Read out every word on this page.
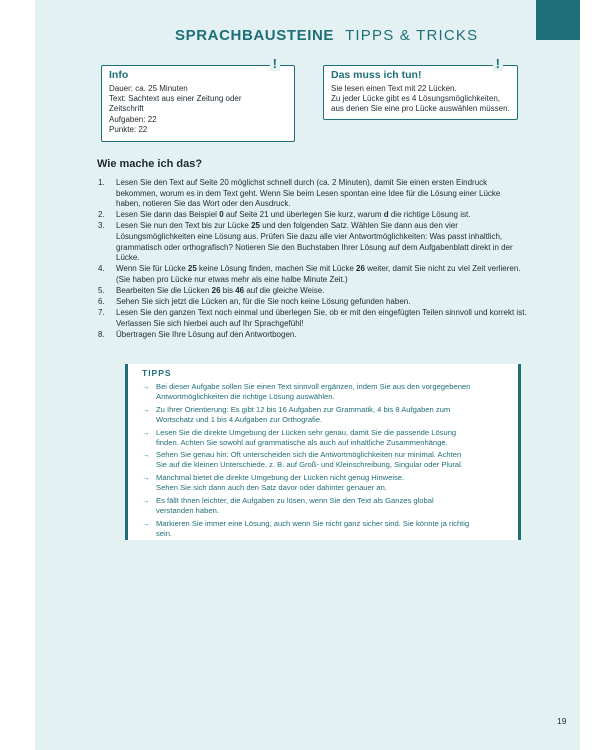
SPRACHBAUSTEINE TIPPS & TRICKS
!
Info
Dauer: ca. 25 Minuten
Text: Sachtext aus einer Zeitung oder
Zeitschrift
Aufgaben: 22
Punkte: 22
!
Das muss ich tun!
Sie lesen einen Text mit 22 Lücken.
Zu jeder Lücke gibt es 4 Lösungsmöglichkeiten,
aus denen Sie eine pro Lücke auswählen müssen.
Wie mache ich das?
1. Lesen Sie den Text auf Seite 20 möglichst schnell durch (ca. 2 Minuten), damit Sie einen ersten Eindruck bekommen, worum es in dem Text geht. Wenn Sie beim Lesen spontan eine Idee für die Lösung einer Lücke haben, notieren Sie das Wort oder den Ausdruck.
2. Lesen Sie dann das Beispiel 0 auf Seite 21 und überlegen Sie kurz, warum d die richtige Lösung ist.
3. Lesen Sie nun den Text bis zur Lücke 25 und den folgenden Satz. Wählen Sie dann aus den vier Lösungsmöglichkeiten eine Lösung aus. Prüfen Sie dazu alle vier Antwortmöglichkeiten: Was passt inhaltlich, grammatisch oder orthografisch? Notieren Sie den Buchstaben Ihrer Lösung auf dem Aufgabenblatt direkt in der Lücke.
4. Wenn Sie für Lücke 25 keine Lösung finden, machen Sie mit Lücke 26 weiter, damit Sie nicht zu viel Zeit verlieren. (Sie haben pro Lücke nur etwas mehr als eine halbe Minute Zeit.)
5. Bearbeiten Sie die Lücken 26 bis 46 auf die gleiche Weise.
6. Sehen Sie sich jetzt die Lücken an, für die Sie noch keine Lösung gefunden haben.
7. Lesen Sie den ganzen Text noch einmal und überlegen Sie, ob er mit den eingefügten Teilen sinnvoll und korrekt ist. Verlassen Sie sich hierbei auch auf Ihr Sprachgefühl!
8. Übertragen Sie Ihre Lösung auf den Antwortbogen.
TIPPS
→ Bei dieser Aufgabe sollen Sie einen Text sinnvoll ergänzen, indem Sie aus den vorgegebenen
Antwortmöglichkeiten die richtige Lösung auswählen.
→ Zu Ihrer Orientierung: Es gibt 12 bis 16 Aufgaben zur Grammatik, 4 bis 8 Aufgaben zum
Wortschatz und 1 bis 4 Aufgaben zur Orthografie.
→ Lesen Sie die direkte Umgebung der Lücken sehr genau, damit Sie die passende Lösung
finden. Achten Sie sowohl auf grammatische als auch auf inhaltliche Zusammenhänge.
→ Sehen Sie genau hin: Oft unterscheiden sich die Antwortmöglichkeiten nur minimal. Achten
Sie auf die kleinen Unterschiede, z. B. auf Groß- und Kleinschreibung, Singular oder Plural.
→ Manchmal bietet die direkte Umgebung der Lücken nicht genug Hinweise.
Sehen Sie sich dann auch den Satz davor oder dahinter genauer an.
→ Es fällt Ihnen leichter, die Aufgaben zu lösen, wenn Sie den Text als Ganzes global
verstanden haben.
→ Markieren Sie immer eine Lösung, auch wenn Sie nicht ganz sicher sind. Sie könnte ja richtig
sein.
19
